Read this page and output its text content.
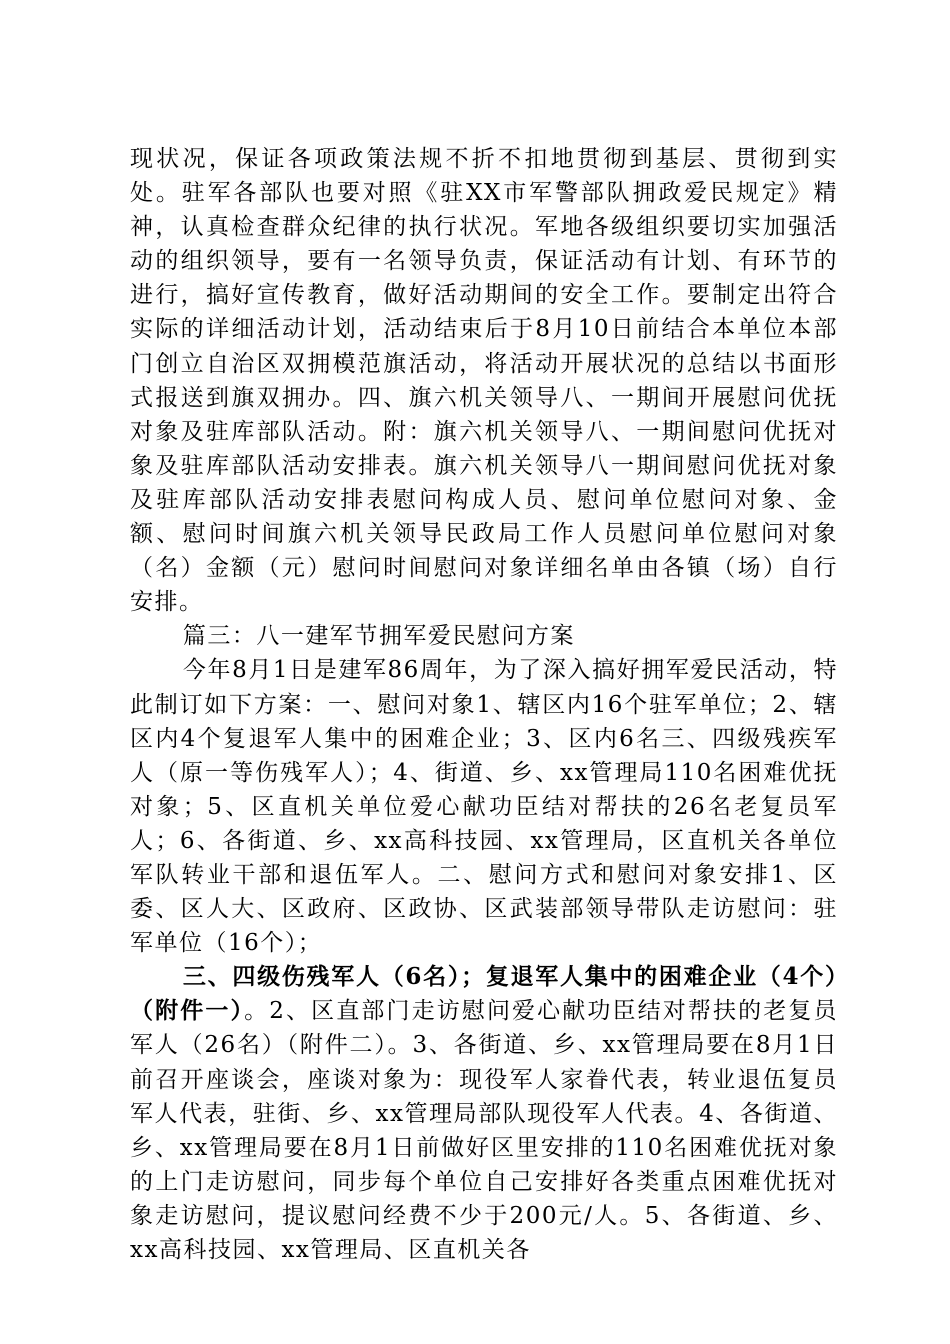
现状况，保证各项政策法规不折不扣地贯彻到基层、贯彻到实处。驻军各部队也要对照《驻XX市军警部队拥政爱民规定》精神，认真检查群众纪律的执行状况。军地各级组织要切实加强活动的组织领导，要有一名领导负责，保证活动有计划、有环节的进行，搞好宣传教育，做好活动期间的安全工作。要制定出符合实际的详细活动计划，活动结束后于8月10日前结合本单位本部门创立自治区双拥模范旗活动，将活动开展状况的总结以书面形式报送到旗双拥办。四、旗六机关领导八、一期间开展慰问优抚对象及驻库部队活动。附：旗六机关领导八、一期间慰问优抚对象及驻库部队活动安排表。旗六机关领导八一期间慰问优抚对象及驻库部队活动安排表慰问构成人员、慰问单位慰问对象、金额、慰问时间旗六机关领导民政局工作人员慰问单位慰问对象（名）金额（元）慰问时间慰问对象详细名单由各镇（场）自行安排。

篇三：八一建军节拥军爱民慰问方案

今年8月1日是建军86周年，为了深入搞好拥军爱民活动，特此制订如下方案：一、慰问对象1、辖区内16个驻军单位；2、辖区内4个复退军人集中的困难企业；3、区内6名三、四级残疾军人（原一等伤残军人）；4、街道、乡、xx管理局110名困难优抚对象；5、区直机关单位爱心献功臣结对帮扶的26名老复员军人；6、各街道、乡、xx高科技园、xx管理局，区直机关各单位军队转业干部和退伍军人。二、慰问方式和慰问对象安排1、区委、区人大、区政府、区政协、区武装部领导带队走访慰问：驻军单位（16个）；

三、四级伤残军人（6名）；复退军人集中的困难企业（4个）（附件一）。2、区直部门走访慰问爱心献功臣结对帮扶的老复员军人（26名）（附件二）。3、各街道、乡、xx管理局要在8月1日前召开座谈会，座谈对象为：现役军人家眷代表，转业退伍复员军人代表，驻街、乡、xx管理局部队现役军人代表。4、各街道、乡、xx管理局要在8月1日前做好区里安排的110名困难优抚对象的上门走访慰问，同步每个单位自己安排好各类重点困难优抚对象走访慰问，提议慰问经费不少于200元/人。5、各街道、乡、xx高科技园、xx管理局、区直机关各
